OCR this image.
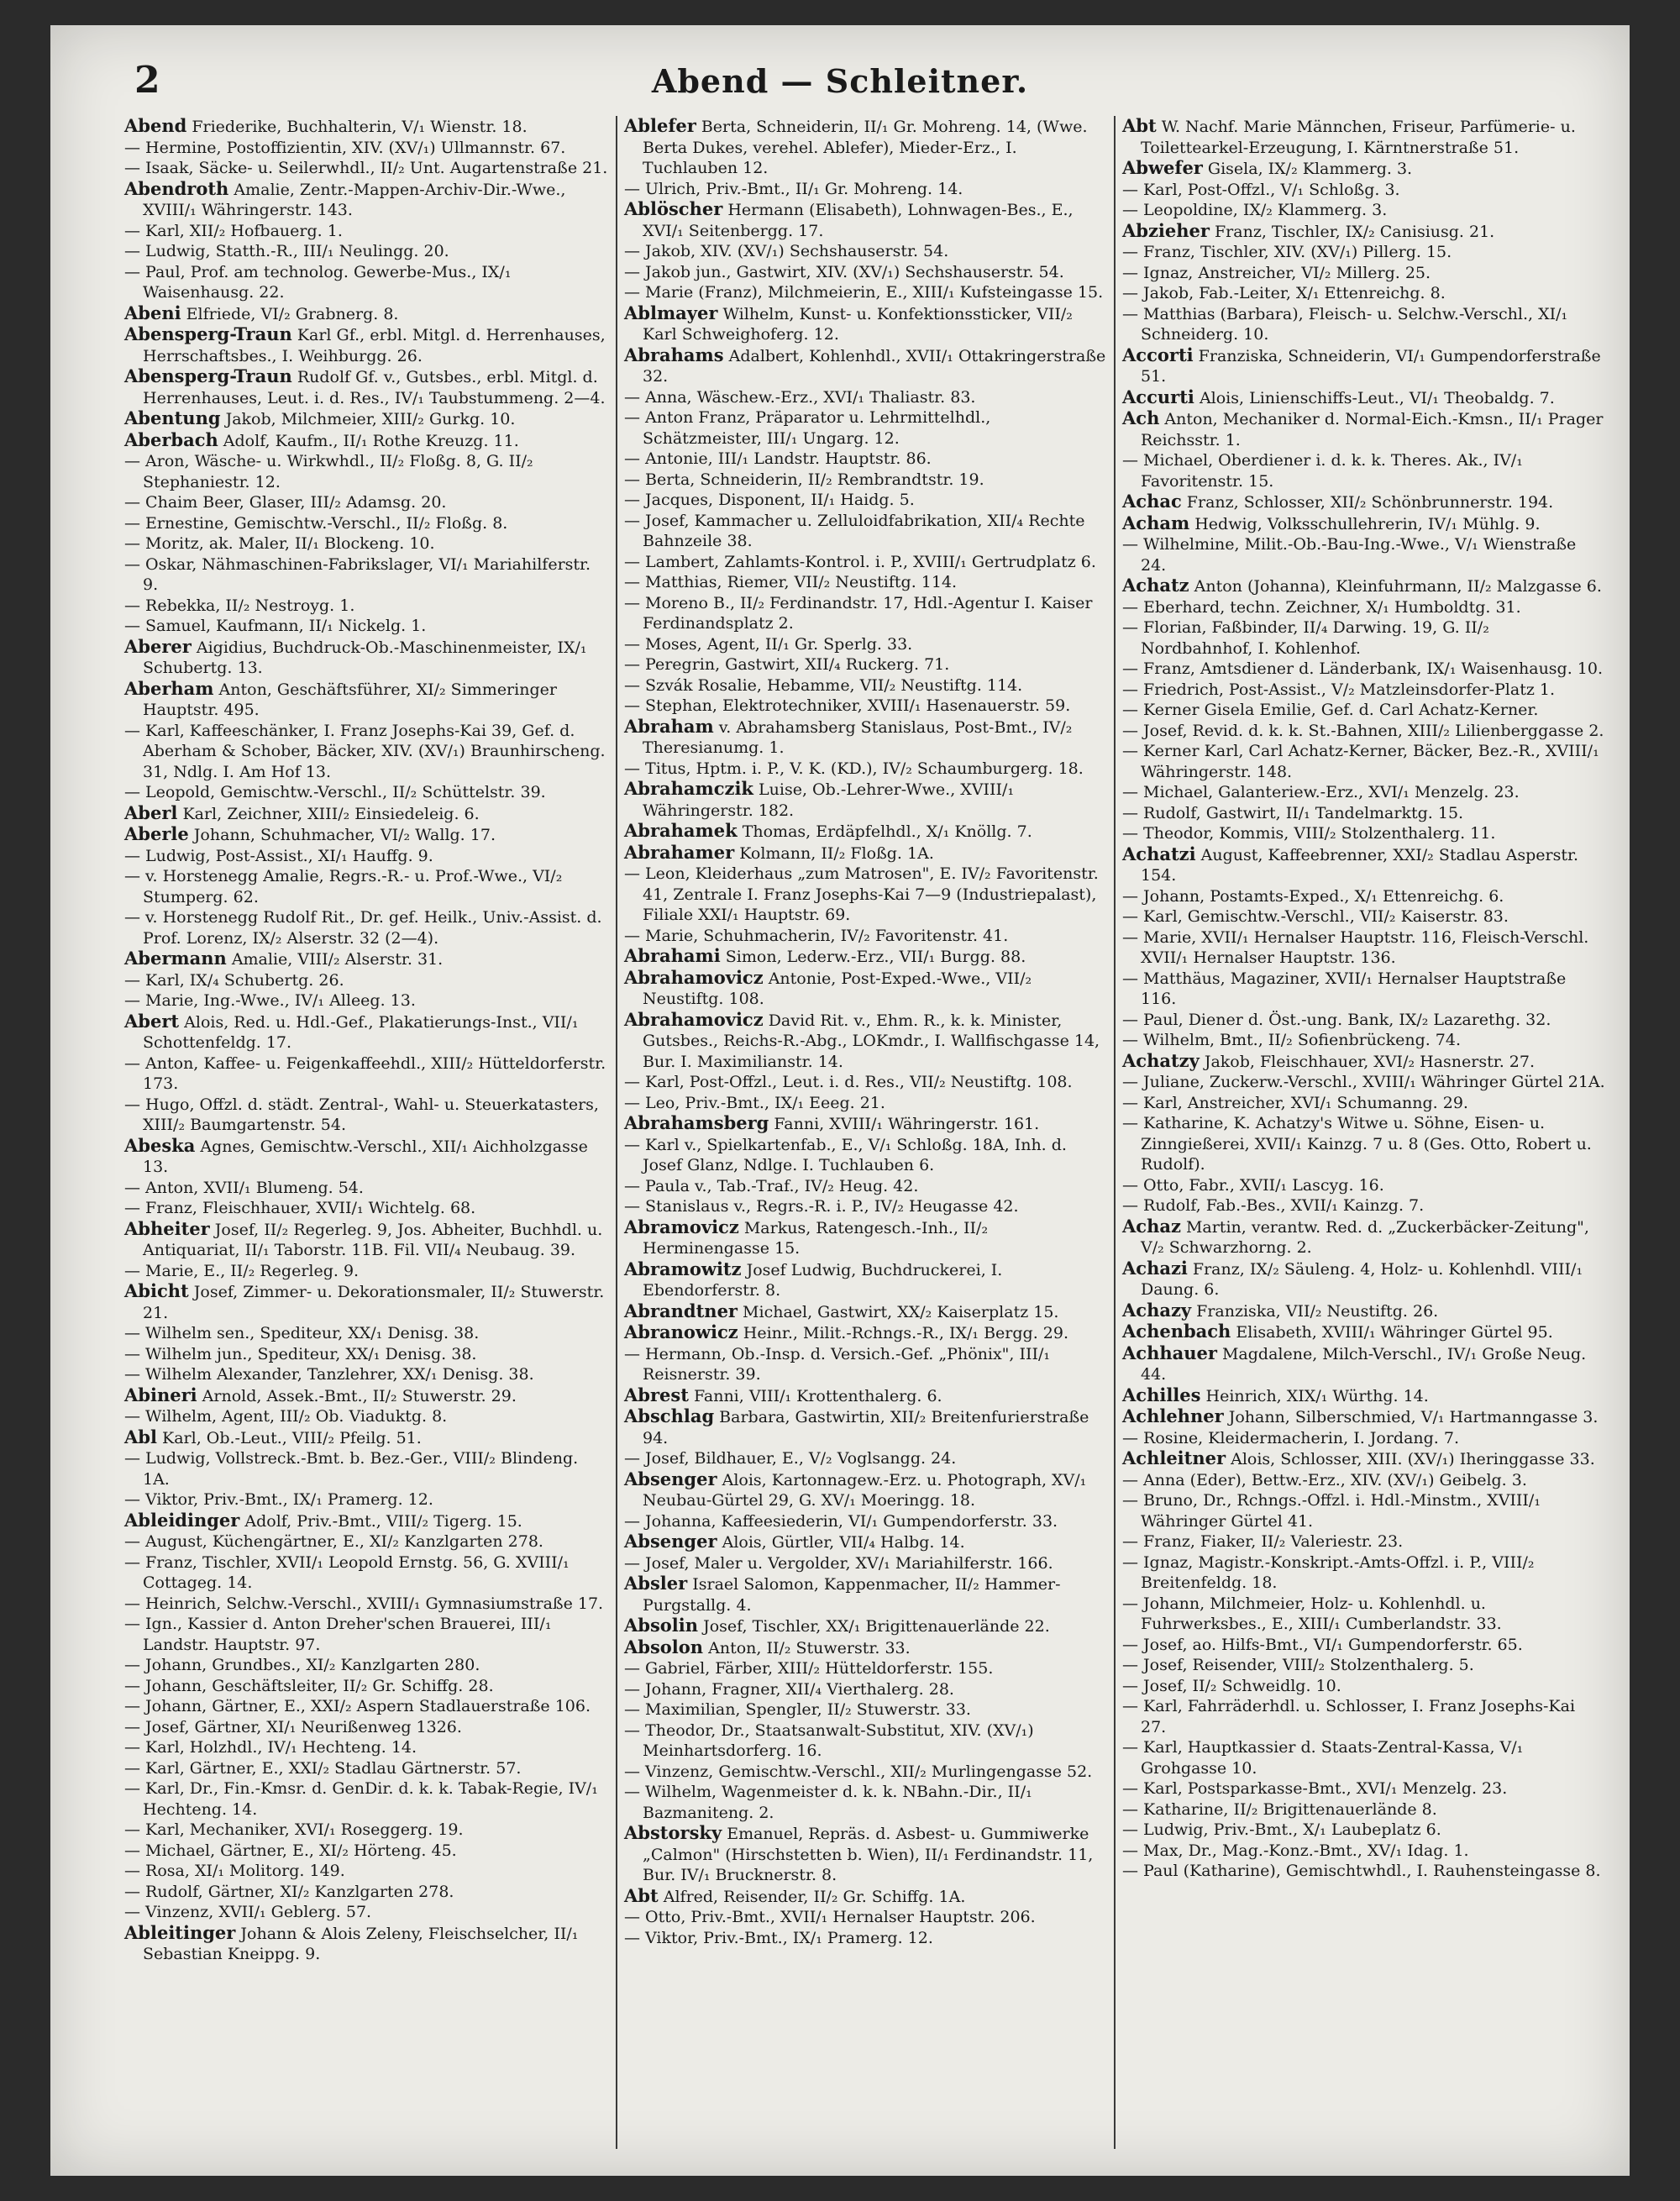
2	Abend — Schleitner.

Abend Friederike, Buchhalterin, V/₁ Wienstr. 18.

— Hermine, Postoffizientin, XIV. (XV/₁) Ullmannstr. 67.

— Isaak, Säcke- u. Seilerwhdl., II/₂ Unt. Augartenstraße 21.

Abendroth Amalie, Zentr.-Mappen-Archiv-Dir.-Wwe., XVIII/₁ Währingerstr. 143.

— Karl, XII/₂ Hofbauerg. 1.

— Ludwig, Statth.-R., III/₁ Neulingg. 20.

— Paul, Prof. am technolog. Gewerbe-Mus., IX/₁ Waisenhausg. 22.

Abeni Elfriede, VI/₂ Grabnerg. 8.

Abensperg-Traun Karl Gf., erbl. Mitgl. d. Herrenhauses, Herrschaftsbes., I. Weihburgg. 26.

Abensperg-Traun Rudolf Gf. v., Gutsbes., erbl. Mitgl. d. Herrenhauses, Leut. i. d. Res., IV/₁ Taubstummeng. 2—4.

Abentung Jakob, Milchmeier, XIII/₂ Gurkg. 10.

Aberbach Adolf, Kaufm., II/₁ Rothe Kreuzg. 11.

— Aron, Wäsche- u. Wirkwhdl., II/₂ Floßg. 8, G. II/₂ Stephaniestr. 12.

— Chaim Beer, Glaser, III/₂ Adamsg. 20.

— Ernestine, Gemischtw.-Verschl., II/₂ Floßg. 8.

— Moritz, ak. Maler, II/₁ Blockeng. 10.

— Oskar, Nähmaschinen-Fabrikslager, VI/₁ Mariahilferstr. 9.

— Rebekka, II/₂ Nestroyg. 1.

— Samuel, Kaufmann, II/₁ Nickelg. 1.

Aberer Aigidius, Buchdruck-Ob.-Maschinenmeister, IX/₁ Schubertg. 13.

Aberham Anton, Geschäftsführer, XI/₂ Simmeringer Hauptstr. 495.

— Karl, Kaffeeschänker, I. Franz Josephs-Kai 39, Gef. d. Aberham & Schober, Bäcker, XIV. (XV/₁) Braunhirscheng. 31, Ndlg. I. Am Hof 13.

— Leopold, Gemischtw.-Verschl., II/₂ Schüttelstr. 39.

Aberl Karl, Zeichner, XIII/₂ Einsiedeleig. 6.

Aberle Johann, Schuhmacher, VI/₂ Wallg. 17.

— Ludwig, Post-Assist., XI/₁ Hauffg. 9.

— v. Horstenegg Amalie, Regrs.-R.- u. Prof.-Wwe., VI/₂ Stumperg. 62.

— v. Horstenegg Rudolf Rit., Dr. gef. Heilk., Univ.-Assist. d. Prof. Lorenz, IX/₂ Alserstr. 32 (2—4).

Abermann Amalie, VIII/₂ Alserstr. 31.

— Karl, IX/₄ Schubertg. 26.

— Marie, Ing.-Wwe., IV/₁ Alleeg. 13.

Abert Alois, Red. u. Hdl.-Gef., Plakatierungs-Inst., VII/₁ Schottenfeldg. 17.

— Anton, Kaffee- u. Feigenkaffeehdl., XIII/₂ Hütteldorferstr. 173.

— Hugo, Offzl. d. städt. Zentral-, Wahl- u. Steuerkatasters, XIII/₂ Baumgartenstr. 54.

Abeska Agnes, Gemischtw.-Verschl., XII/₁ Aichholzgasse 13.

— Anton, XVII/₁ Blumeng. 54.

— Franz, Fleischhauer, XVII/₁ Wichtelg. 68.

Abheiter Josef, II/₂ Regerleg. 9, Jos. Abheiter, Buchhdl. u. Antiquariat, II/₁ Taborstr. 11B. Fil. VII/₄ Neubaug. 39.

— Marie, E., II/₂ Regerleg. 9.

Abicht Josef, Zimmer- u. Dekorationsmaler, II/₂ Stuwerstr. 21.

— Wilhelm sen., Spediteur, XX/₁ Denisg. 38.

— Wilhelm jun., Spediteur, XX/₁ Denisg. 38.

— Wilhelm Alexander, Tanzlehrer, XX/₁ Denisg. 38.

Abineri Arnold, Assek.-Bmt., II/₂ Stuwerstr. 29.

— Wilhelm, Agent, III/₂ Ob. Viaduktg. 8.

Abl Karl, Ob.-Leut., VIII/₂ Pfeilg. 51.

— Ludwig, Vollstreck.-Bmt. b. Bez.-Ger., VIII/₂ Blindeng. 1A.

— Viktor, Priv.-Bmt., IX/₁ Pramerg. 12.

Ableidinger Adolf, Priv.-Bmt., VIII/₂ Tigerg. 15.

— August, Küchengärtner, E., XI/₂ Kanzlgarten 278.

— Franz, Tischler, XVII/₁ Leopold Ernstg. 56, G. XVIII/₁ Cottageg. 14.

— Heinrich, Selchw.-Verschl., XVIII/₁ Gymnasiumstraße 17.

— Ign., Kassier d. Anton Dreher'schen Brauerei, III/₁ Landstr. Hauptstr. 97.

— Johann, Grundbes., XI/₂ Kanzlgarten 280.

— Johann, Geschäftsleiter, II/₂ Gr. Schiffg. 28.

— Johann, Gärtner, E., XXI/₂ Aspern Stadlauerstraße 106.

— Josef, Gärtner, XI/₁ Neurißenweg 1326.

— Karl, Holzhdl., IV/₁ Hechteng. 14.

— Karl, Gärtner, E., XXI/₂ Stadlau Gärtnerstr. 57.

— Karl, Dr., Fin.-Kmsr. d. GenDir. d. k. k. Tabak-Regie, IV/₁ Hechteng. 14.

— Karl, Mechaniker, XVI/₁ Roseggerg. 19.

— Michael, Gärtner, E., XI/₂ Hörteng. 45.

— Rosa, XI/₁ Molitorg. 149.

— Rudolf, Gärtner, XI/₂ Kanzlgarten 278.

— Vinzenz, XVII/₁ Geblerg. 57.

Ableitinger Johann & Alois Zeleny, Fleischselcher, II/₁ Sebastian Kneippg. 9.

Ablefer Berta, Schneiderin, II/₁ Gr. Mohreng. 14, (Wwe. Berta Dukes, verehel. Ablefer), Mieder-Erz., I. Tuchlauben 12.

— Ulrich, Priv.-Bmt., II/₁ Gr. Mohreng. 14.

Ablöscher Hermann (Elisabeth), Lohnwagen-Bes., E., XVI/₁ Seitenbergg. 17.

— Jakob, XIV. (XV/₁) Sechshauserstr. 54.

— Jakob jun., Gastwirt, XIV. (XV/₁) Sechshauserstr. 54.

— Marie (Franz), Milchmeierin, E., XIII/₁ Kufsteingasse 15.

Ablmayer Wilhelm, Kunst- u. Konfektionssticker, VII/₂ Karl Schweighoferg. 12.

Abrahams Adalbert, Kohlenhdl., XVII/₁ Ottakringerstraße 32.

— Anna, Wäschew.-Erz., XVI/₁ Thaliastr. 83.

— Anton Franz, Präparator u. Lehrmittelhdl., Schätzmeister, III/₁ Ungarg. 12.

— Antonie, III/₁ Landstr. Hauptstr. 86.

— Berta, Schneiderin, II/₂ Rembrandtstr. 19.

— Jacques, Disponent, II/₁ Haidg. 5.

— Josef, Kammacher u. Zelluloidfabrikation, XII/₄ Rechte Bahnzeile 38.

— Lambert, Zahlamts-Kontrol. i. P., XVIII/₁ Gertrudplatz 6.

— Matthias, Riemer, VII/₂ Neustiftg. 114.

— Moreno B., II/₂ Ferdinandstr. 17, Hdl.-Agentur I. Kaiser Ferdinandsplatz 2.

— Moses, Agent, II/₁ Gr. Sperlg. 33.

— Peregrin, Gastwirt, XII/₄ Ruckerg. 71.

— Szvák Rosalie, Hebamme, VII/₂ Neustiftg. 114.

— Stephan, Elektrotechniker, XVIII/₁ Hasenauerstr. 59.

Abraham v. Abrahamsberg Stanislaus, Post-Bmt., IV/₂ Theresianumg. 1.

— Titus, Hptm. i. P., V. K. (KD.), IV/₂ Schaumburgerg. 18.

Abrahamczik Luise, Ob.-Lehrer-Wwe., XVIII/₁ Währingerstr. 182.

Abrahamek Thomas, Erdäpfelhdl., X/₁ Knöllg. 7.

Abrahamer Kolmann, II/₂ Floßg. 1A.

— Leon, Kleiderhaus „zum Matrosen", E. IV/₂ Favoritenstr. 41, Zentrale I. Franz Josephs-Kai 7—9 (Industriepalast), Filiale XXI/₁ Hauptstr. 69.

— Marie, Schuhmacherin, IV/₂ Favoritenstr. 41.

Abrahami Simon, Lederw.-Erz., VII/₁ Burgg. 88.

Abrahamovicz Antonie, Post-Exped.-Wwe., VII/₂ Neustiftg. 108.

Abrahamovicz David Rit. v., Ehm. R., k. k. Minister, Gutsbes., Reichs-R.-Abg., LOKmdr., I. Wallfischgasse 14, Bur. I. Maximilianstr. 14.

— Karl, Post-Offzl., Leut. i. d. Res., VII/₂ Neustiftg. 108.

— Leo, Priv.-Bmt., IX/₁ Eeeg. 21.

Abrahamsberg Fanni, XVIII/₁ Währingerstr. 161.

— Karl v., Spielkartenfab., E., V/₁ Schloßg. 18A, Inh. d. Josef Glanz, Ndlge. I. Tuchlauben 6.

— Paula v., Tab.-Traf., IV/₂ Heug. 42.

— Stanislaus v., Regrs.-R. i. P., IV/₂ Heugasse 42.

Abramovicz Markus, Ratengesch.-Inh., II/₂ Herminengasse 15.

Abramowitz Josef Ludwig, Buchdruckerei, I. Ebendorferstr. 8.

Abrandtner Michael, Gastwirt, XX/₂ Kaiserplatz 15.

Abranowicz Heinr., Milit.-Rchngs.-R., IX/₁ Bergg. 29.

— Hermann, Ob.-Insp. d. Versich.-Gef. „Phönix", III/₁ Reisnerstr. 39.

Abrest Fanni, VIII/₁ Krottenthalerg. 6.

Abschlag Barbara, Gastwirtin, XII/₂ Breitenfurierstraße 94.

— Josef, Bildhauer, E., V/₂ Voglsangg. 24.

Absenger Alois, Kartonnagew.-Erz. u. Photograph, XV/₁ Neubau-Gürtel 29, G. XV/₁ Moeringg. 18.

— Johanna, Kaffeesiederin, VI/₁ Gumpendorferstr. 33.

Absenger Alois, Gürtler, VII/₄ Halbg. 14.

— Josef, Maler u. Vergolder, XV/₁ Mariahilferstr. 166.

Absler Israel Salomon, Kappenmacher, II/₂ Hammer-Purgstallg. 4.

Absolin Josef, Tischler, XX/₁ Brigittenauerlände 22.

Absolon Anton, II/₂ Stuwerstr. 33.

— Gabriel, Färber, XIII/₂ Hütteldorferstr. 155.

— Johann, Fragner, XII/₄ Vierthalerg. 28.

— Maximilian, Spengler, II/₂ Stuwerstr. 33.

— Theodor, Dr., Staatsanwalt-Substitut, XIV. (XV/₁) Meinhartsdorferg. 16.

— Vinzenz, Gemischtw.-Verschl., XII/₂ Murlingengasse 52.

— Wilhelm, Wagenmeister d. k. k. NBahn.-Dir., II/₁ Bazmaniteng. 2.

Abstorsky Emanuel, Repräs. d. Asbest- u. Gummiwerke „Calmon" (Hirschstetten b. Wien), II/₁ Ferdinandstr. 11, Bur. IV/₁ Brucknerstr. 8.

Abt Alfred, Reisender, II/₂ Gr. Schiffg. 1A.

— Otto, Priv.-Bmt., XVII/₁ Hernalser Hauptstr. 206.

— Viktor, Priv.-Bmt., IX/₁ Pramerg. 12.

Abt W. Nachf. Marie Männchen, Friseur, Parfümerie- u. Toilettearkel-Erzeugung, I. Kärntnerstraße 51.

Abwefer Gisela, IX/₂ Klammerg. 3.

— Karl, Post-Offzl., V/₁ Schloßg. 3.

— Leopoldine, IX/₂ Klammerg. 3.

Abzieher Franz, Tischler, IX/₂ Canisiusg. 21.

— Franz, Tischler, XIV. (XV/₁) Pillerg. 15.

— Ignaz, Anstreicher, VI/₂ Millerg. 25.

— Jakob, Fab.-Leiter, X/₁ Ettenreichg. 8.

— Matthias (Barbara), Fleisch- u. Selchw.-Verschl., XI/₁ Schneiderg. 10.

Accorti Franziska, Schneiderin, VI/₁ Gumpendorferstraße 51.

Accurti Alois, Linienschiffs-Leut., VI/₁ Theobaldg. 7.

Ach Anton, Mechaniker d. Normal-Eich.-Kmsn., II/₁ Prager Reichsstr. 1.

— Michael, Oberdiener i. d. k. k. Theres. Ak., IV/₁ Favoritenstr. 15.

Achac Franz, Schlosser, XII/₂ Schönbrunnerstr. 194.

Acham Hedwig, Volksschullehrerin, IV/₁ Mühlg. 9.

— Wilhelmine, Milit.-Ob.-Bau-Ing.-Wwe., V/₁ Wienstraße 24.

Achatz Anton (Johanna), Kleinfuhrmann, II/₂ Malzgasse 6.

— Eberhard, techn. Zeichner, X/₁ Humboldtg. 31.

— Florian, Faßbinder, II/₄ Darwing. 19, G. II/₂ Nordbahnhof, I. Kohlenhof.

— Franz, Amtsdiener d. Länderbank, IX/₁ Waisenhausg. 10.

— Friedrich, Post-Assist., V/₂ Matzleinsdorfer-Platz 1.

— Kerner Gisela Emilie, Gef. d. Carl Achatz-Kerner.

— Josef, Revid. d. k. k. St.-Bahnen, XIII/₂ Lilienberggasse 2.

— Kerner Karl, Carl Achatz-Kerner, Bäcker, Bez.-R., XVIII/₁ Währingerstr. 148.

— Michael, Galanteriew.-Erz., XVI/₁ Menzelg. 23.

— Rudolf, Gastwirt, II/₁ Tandelmarktg. 15.

— Theodor, Kommis, VIII/₂ Stolzenthalerg. 11.

Achatzi August, Kaffeebrenner, XXI/₂ Stadlau Asperstr. 154.

— Johann, Postamts-Exped., X/₁ Ettenreichg. 6.

— Karl, Gemischtw.-Verschl., VII/₂ Kaiserstr. 83.

— Marie, XVII/₁ Hernalser Hauptstr. 116, Fleisch-Verschl. XVII/₁ Hernalser Hauptstr. 136.

— Matthäus, Magaziner, XVII/₁ Hernalser Hauptstraße 116.

— Paul, Diener d. Öst.-ung. Bank, IX/₂ Lazarethg. 32.

— Wilhelm, Bmt., II/₂ Sofienbrückeng. 74.

Achatzy Jakob, Fleischhauer, XVI/₂ Hasnerstr. 27.

— Juliane, Zuckerw.-Verschl., XVIII/₁ Währinger Gürtel 21A.

— Karl, Anstreicher, XVI/₁ Schumanng. 29.

— Katharine, K. Achatzy's Witwe u. Söhne, Eisen- u. Zinngießerei, XVII/₁ Kainzg. 7 u. 8 (Ges. Otto, Robert u. Rudolf).

— Otto, Fabr., XVII/₁ Lascyg. 16.

— Rudolf, Fab.-Bes., XVII/₁ Kainzg. 7.

Achaz Martin, verantw. Red. d. „Zuckerbäcker-Zeitung", V/₂ Schwarzhorng. 2.

Achazi Franz, IX/₂ Säuleng. 4, Holz- u. Kohlenhdl. VIII/₁ Daung. 6.

Achazy Franziska, VII/₂ Neustiftg. 26.

Achenbach Elisabeth, XVIII/₁ Währinger Gürtel 95.

Achhauer Magdalene, Milch-Verschl., IV/₁ Große Neug. 44.

Achilles Heinrich, XIX/₁ Würthg. 14.

Achlehner Johann, Silberschmied, V/₁ Hartmanngasse 3.

— Rosine, Kleidermacherin, I. Jordang. 7.

Achleitner Alois, Schlosser, XIII. (XV/₁) Iheringgasse 33.

— Anna (Eder), Bettw.-Erz., XIV. (XV/₁) Geibelg. 3.

— Bruno, Dr., Rchngs.-Offzl. i. Hdl.-Minstm., XVIII/₁ Währinger Gürtel 41.

— Franz, Fiaker, II/₂ Valeriestr. 23.

— Ignaz, Magistr.-Konskript.-Amts-Offzl. i. P., VIII/₂ Breitenfeldg. 18.

— Johann, Milchmeier, Holz- u. Kohlenhdl. u. Fuhrwerksbes., E., XIII/₁ Cumberlandstr. 33.

— Josef, ao. Hilfs-Bmt., VI/₁ Gumpendorferstr. 65.

— Josef, Reisender, VIII/₂ Stolzenthalerg. 5.

— Josef, II/₂ Schweidlg. 10.

— Karl, Fahrräderhdl. u. Schlosser, I. Franz Josephs-Kai 27.

— Karl, Hauptkassier d. Staats-Zentral-Kassa, V/₁ Grohgasse 10.

— Karl, Postsparkasse-Bmt., XVI/₁ Menzelg. 23.

— Katharine, II/₂ Brigittenauerlände 8.

— Ludwig, Priv.-Bmt., X/₁ Laubeplatz 6.

— Max, Dr., Mag.-Konz.-Bmt., XV/₁ Idag. 1.

— Paul (Katharine), Gemischtwhdl., I. Rauhensteingasse 8.
